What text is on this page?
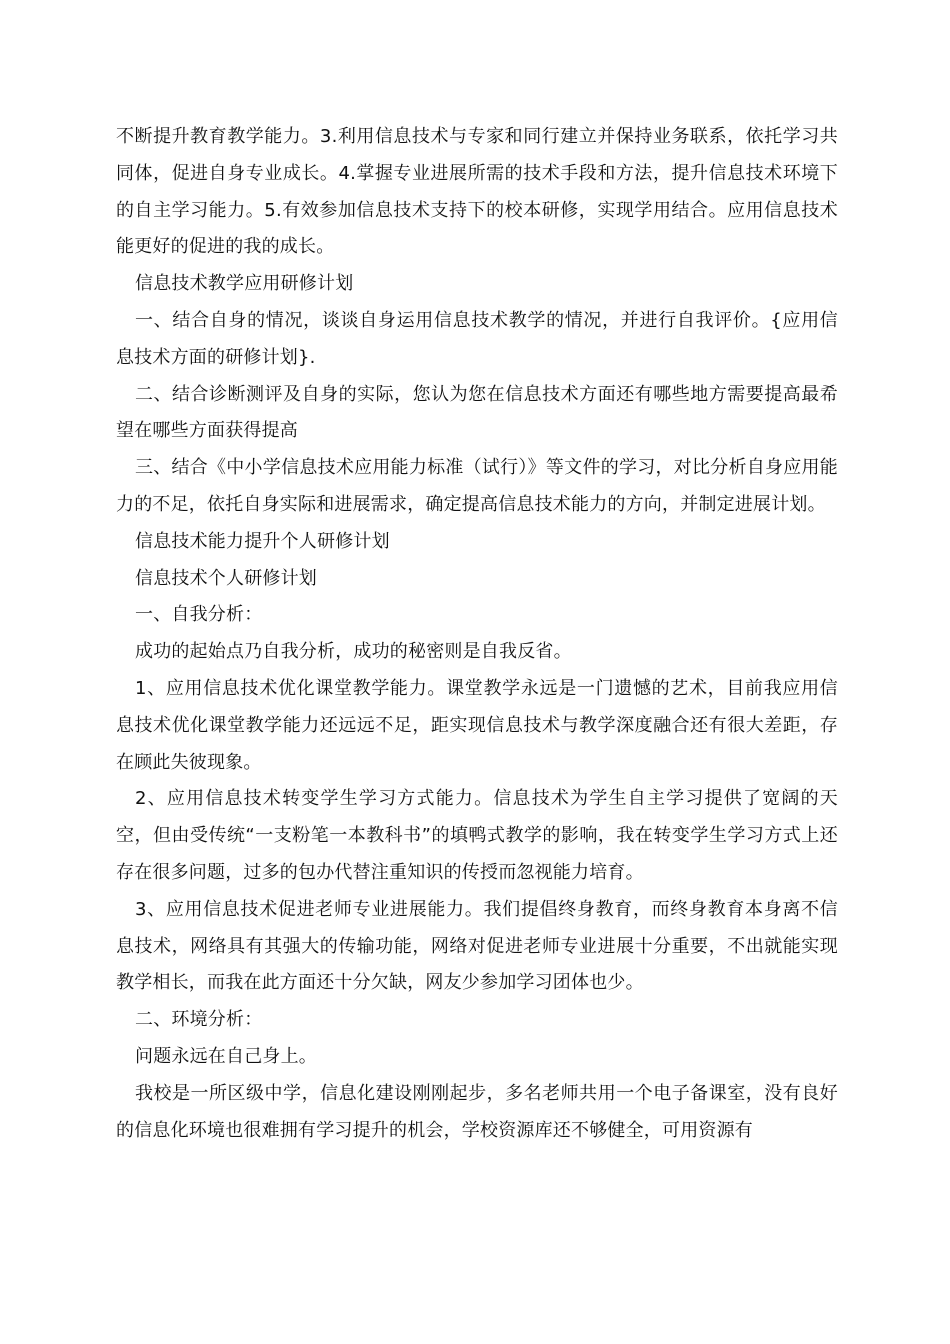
不断提升教育教学能力。3.利用信息技术与专家和同行建立并保持业务联系，依托学习共同体，促进自身专业成长。4.掌握专业进展所需的技术手段和方法，提升信息技术环境下的自主学习能力。5.有效参加信息技术支持下的校本研修，实现学用结合。应用信息技术能更好的促进的我的成长。

信息技术教学应用研修计划

一、结合自身的情况，谈谈自身运用信息技术教学的情况，并进行自我评价。{应用信息技术方面的研修计划}.

二、结合诊断测评及自身的实际，您认为您在信息技术方面还有哪些地方需要提高最希望在哪些方面获得提高

三、结合《中小学信息技术应用能力标准（试行）》等文件的学习，对比分析自身应用能力的不足，依托自身实际和进展需求，确定提高信息技术能力的方向，并制定进展计划。

信息技术能力提升个人研修计划

信息技术个人研修计划

一、自我分析：

成功的起始点乃自我分析，成功的秘密则是自我反省。

1、应用信息技术优化课堂教学能力。课堂教学永远是一门遗憾的艺术，目前我应用信息技术优化课堂教学能力还远远不足，距实现信息技术与教学深度融合还有很大差距，存在顾此失彼现象。

2、应用信息技术转变学生学习方式能力。信息技术为学生自主学习提供了宽阔的天空，但由受传统“一支粉笔一本教科书”的填鸭式教学的影响，我在转变学生学习方式上还存在很多问题，过多的包办代替注重知识的传授而忽视能力培育。

3、应用信息技术促进老师专业进展能力。我们提倡终身教育，而终身教育本身离不信息技术，网络具有其强大的传输功能，网络对促进老师专业进展十分重要，不出就能实现教学相长，而我在此方面还十分欠缺，网友少参加学习团体也少。

二、环境分析：

问题永远在自己身上。

我校是一所区级中学，信息化建设刚刚起步，多名老师共用一个电子备课室，没有良好的信息化环境也很难拥有学习提升的机会，学校资源库还不够健全，可用资源有
